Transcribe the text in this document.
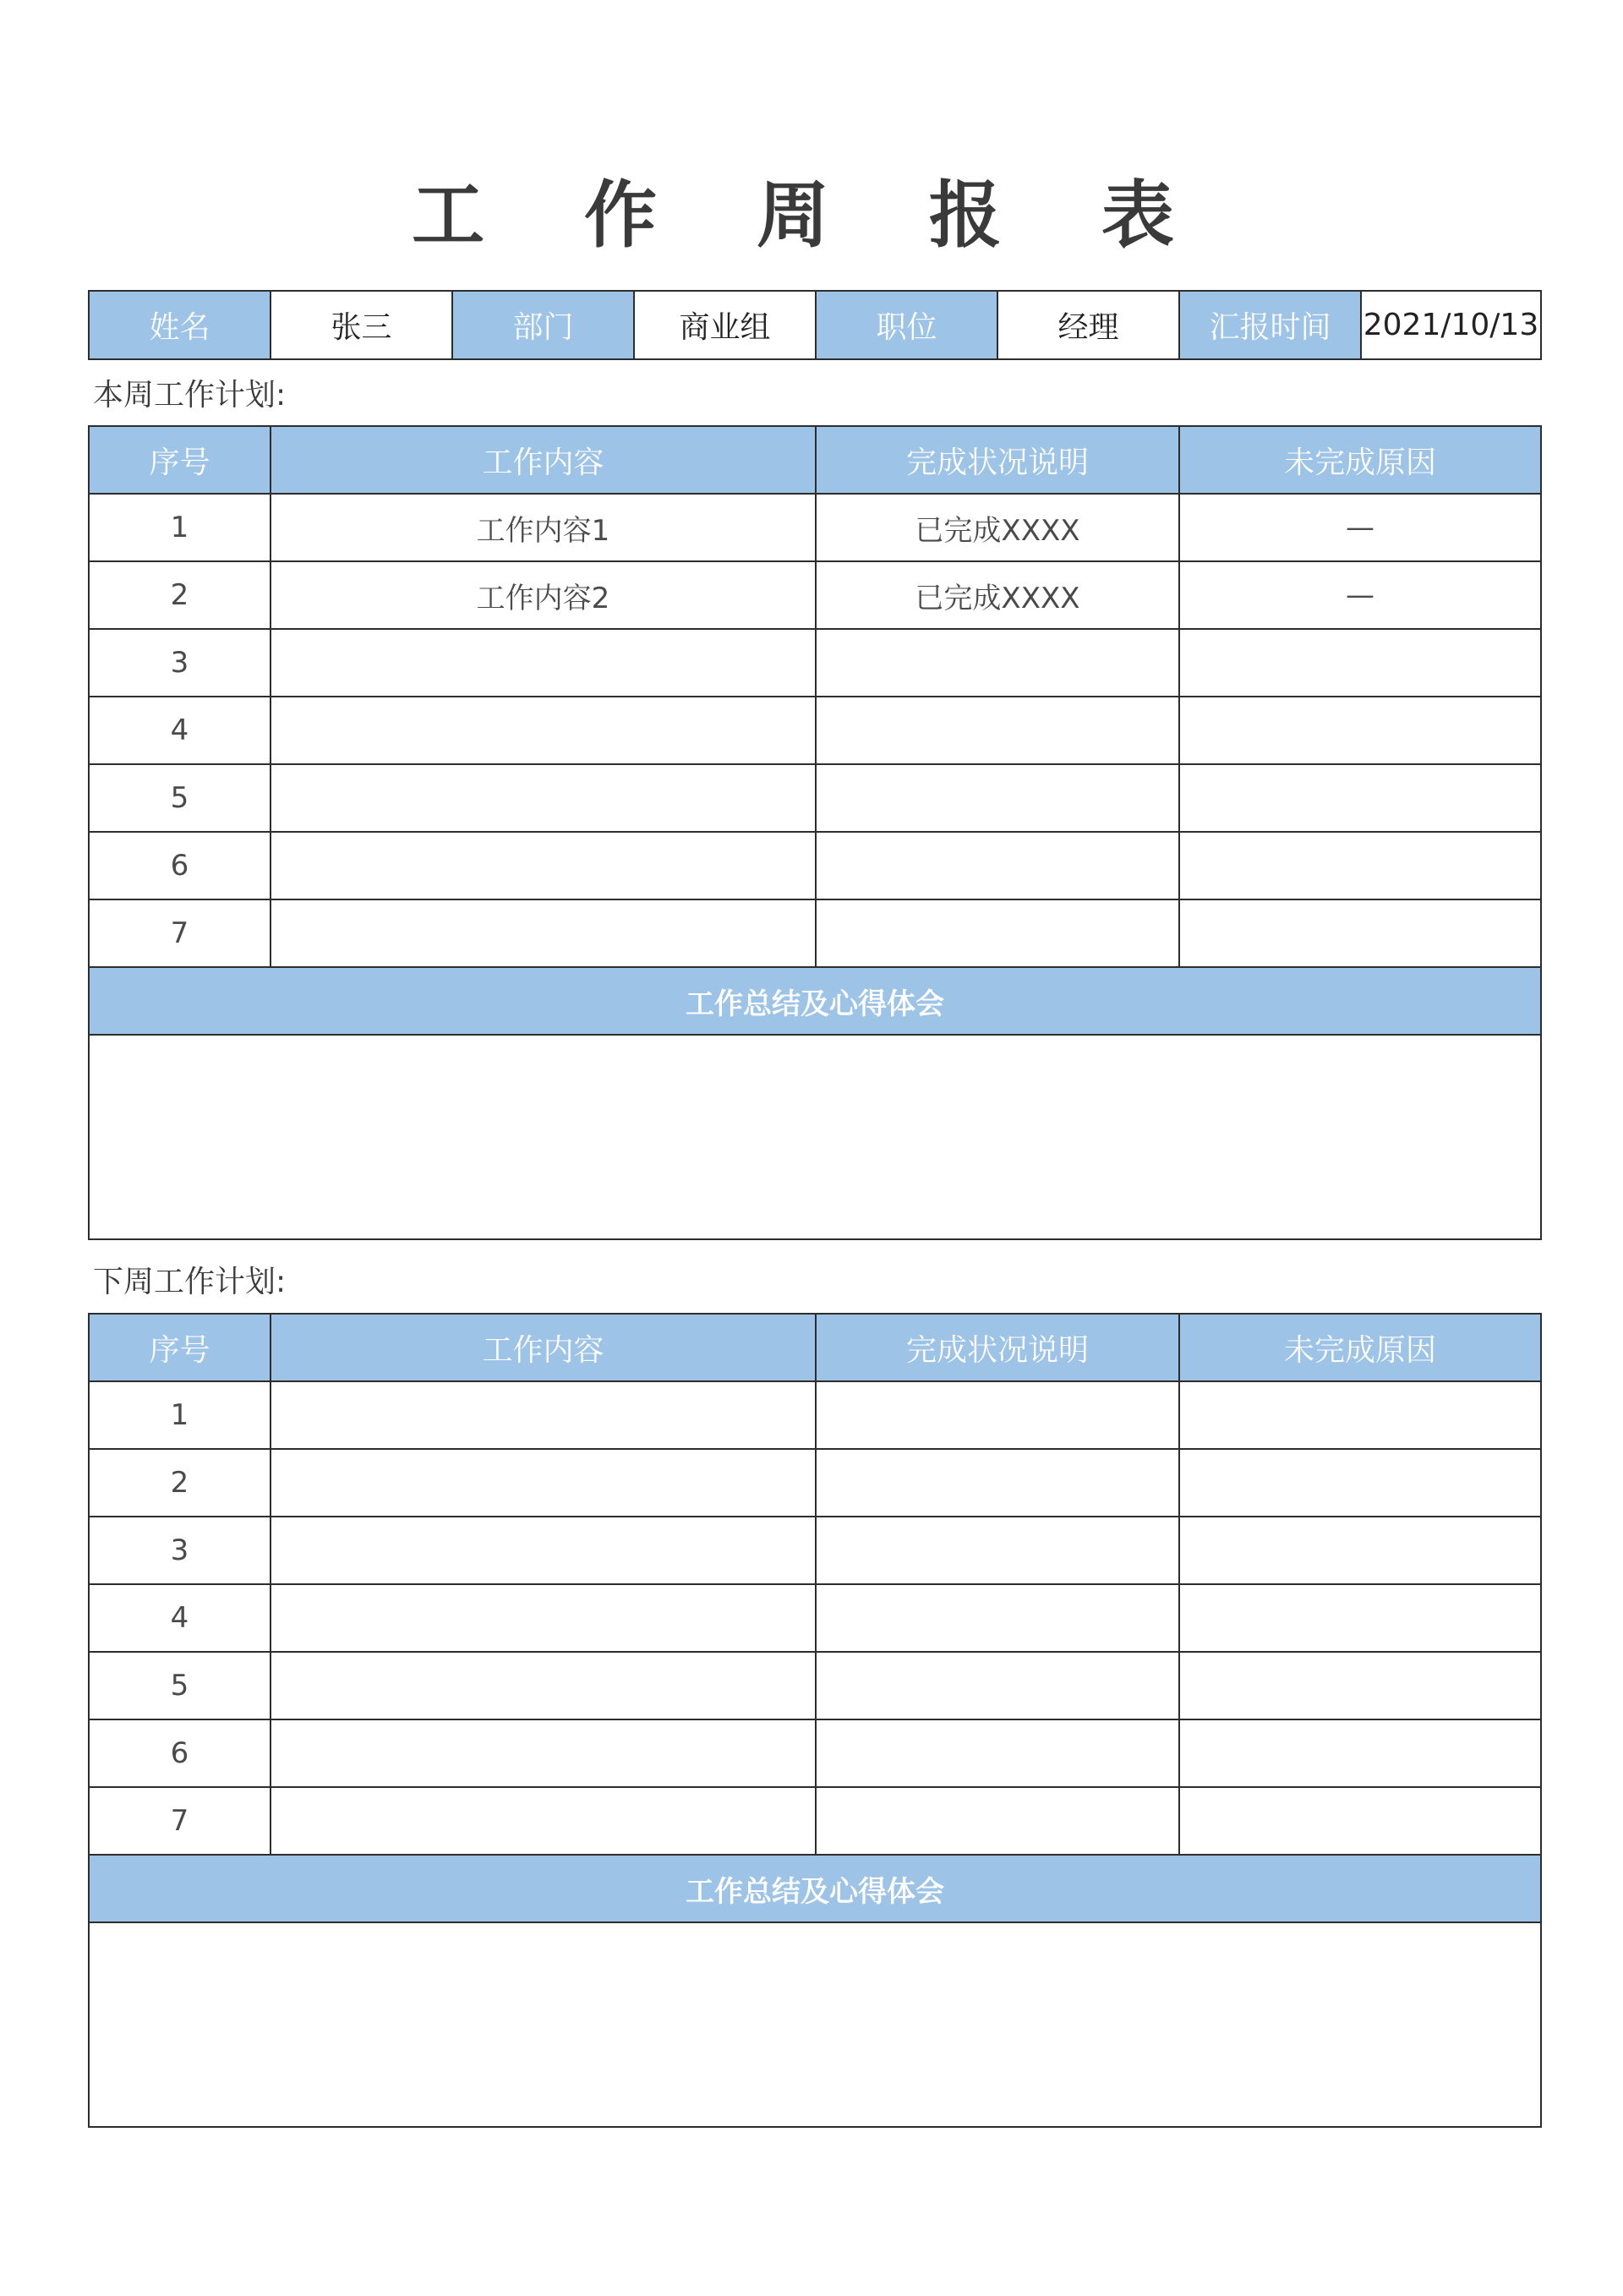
工 作 周 报 表
姓名	张三	部门	商业组	职位	经理	汇报时间	2021/10/13
本周工作计划:
序号	工作内容	完成状况说明	未完成原因
1	工作内容1	已完成XXXX	—
2	工作内容2	已完成XXXX	—
3			
4			
5			
6			
7			
工作总结及心得体会			

下周工作计划:
序号	工作内容	完成状况说明	未完成原因
1			
2			
3			
4			
5			
6			
7			
工作总结及心得体会			
